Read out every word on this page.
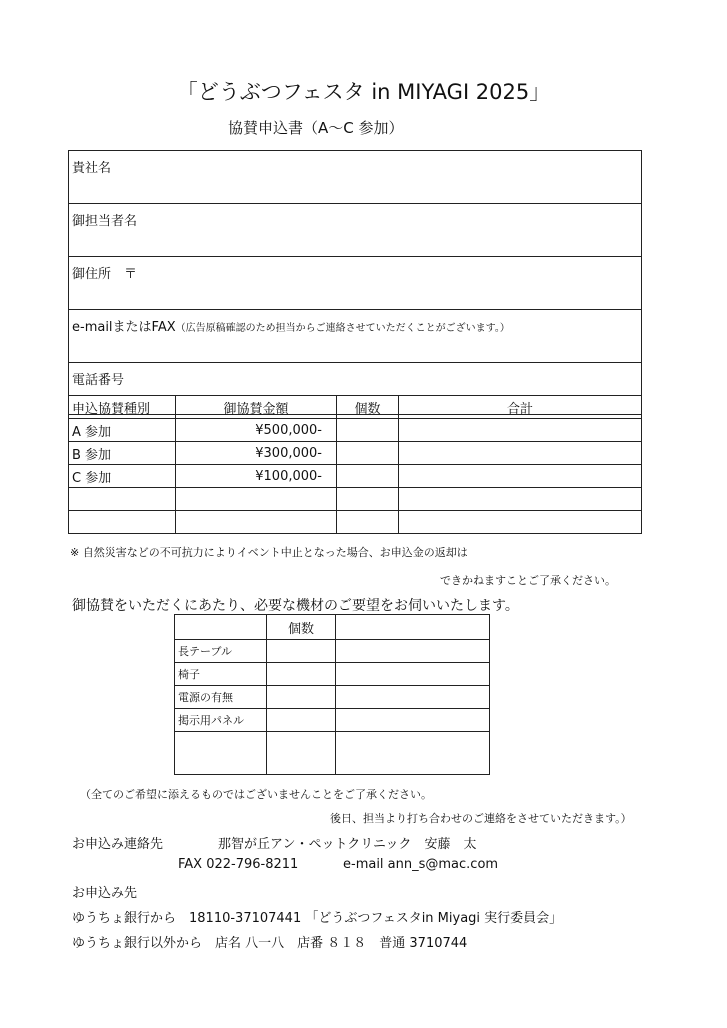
「どうぶつフェスタ in MIYAGI 2025」
協賛申込書（A～C 参加）
貴社名
御担当者名
御住所　〒
e-mailまたはFAX（広告原稿確認のため担当からご連絡させていただくことがございます。）
電話番号
申込協賛種別	御協賛金額	個数	合計
A 参加	¥500,000-		
B 参加	¥300,000-		
C 参加	¥100,000-		

※ 自然災害などの不可抗力によりイベント中止となった場合、お申込金の返却は
できかねますことご了承ください。
御協賛をいただくにあたり、必要な機材のご要望をお伺いいたします。
	個数	
長テーブル		
椅子		
電源の有無		
掲示用パネル		

（全てのご希望に添えるものではございませんことをご了承ください。
後日、担当より打ち合わせのご連絡をさせていただきます。）
お申込み連絡先	那智が丘アン・ペットクリニック　安藤　太
FAX 022-796-8211	e-mail ann_s@mac.com
お申込み先
ゆうちょ銀行から　18110-37107441 「どうぶつフェスタin Miyagi 実行委員会」
ゆうちょ銀行以外から　店名 八一八　店番 ８１８　普通 3710744
